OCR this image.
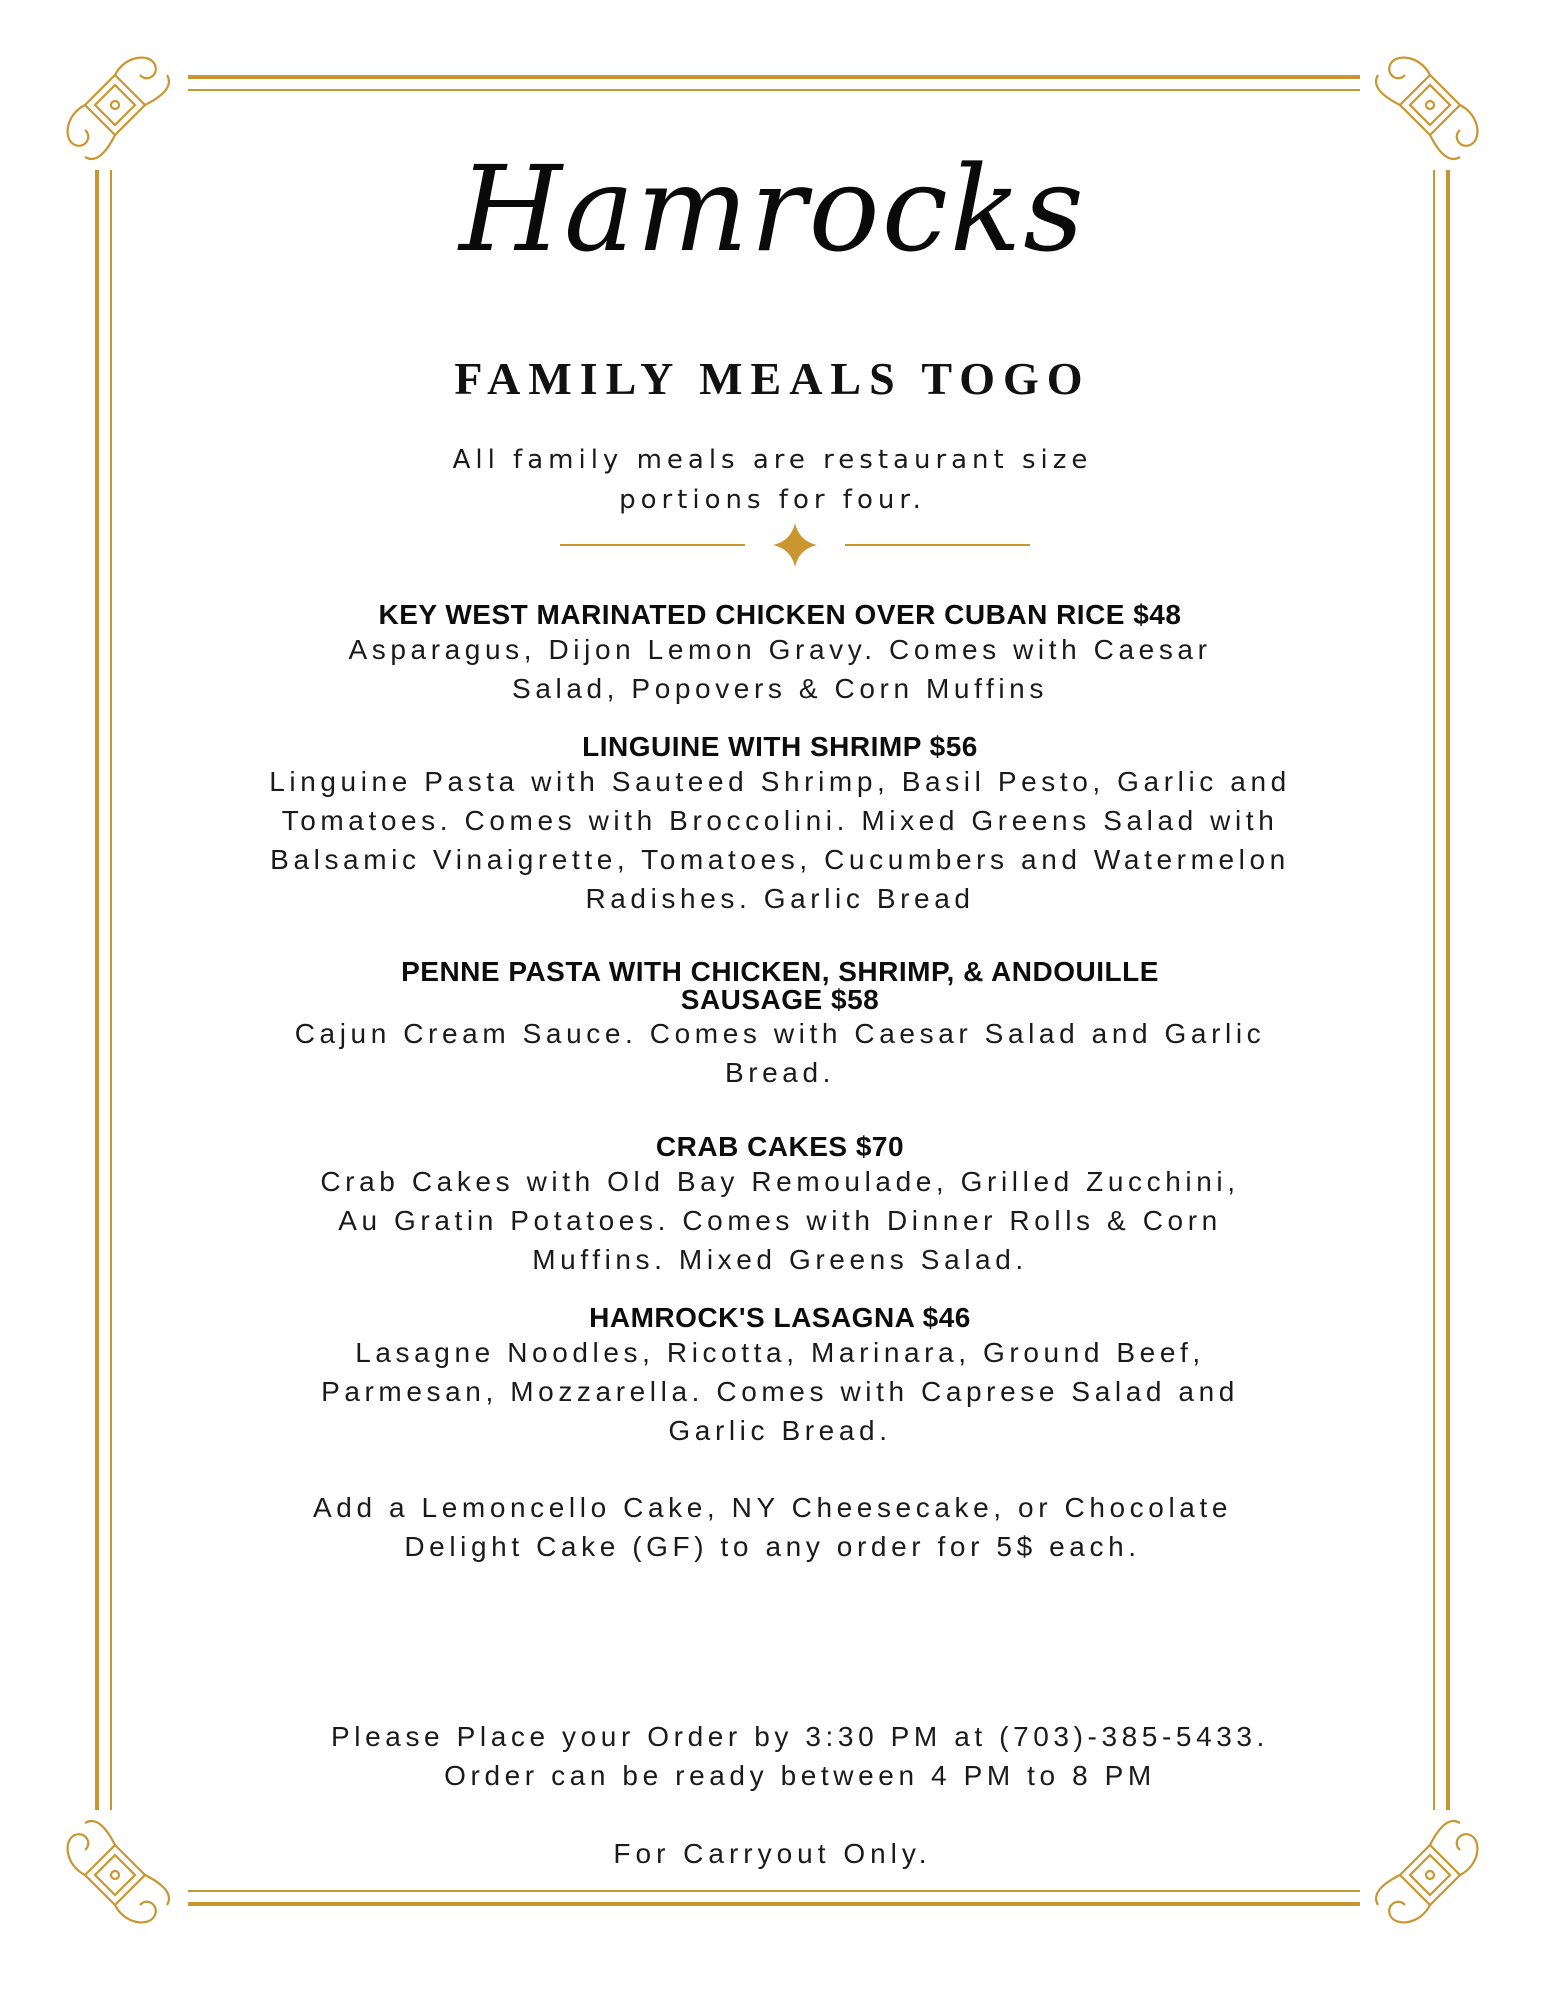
Hamrocks
FAMILY MEALS TOGO
All family meals are restaurant size portions for four.
KEY WEST MARINATED CHICKEN OVER CUBAN RICE $48
Asparagus, Dijon Lemon Gravy. Comes with Caesar Salad, Popovers & Corn Muffins
LINGUINE WITH SHRIMP $56
Linguine Pasta with Sauteed Shrimp, Basil Pesto, Garlic and Tomatoes. Comes with Broccolini. Mixed Greens Salad with Balsamic Vinaigrette, Tomatoes, Cucumbers and Watermelon Radishes. Garlic Bread
PENNE PASTA WITH CHICKEN, SHRIMP, & ANDOUILLE SAUSAGE $58
Cajun Cream Sauce. Comes with Caesar Salad and Garlic Bread.
CRAB CAKES $70
Crab Cakes with Old Bay Remoulade, Grilled Zucchini, Au Gratin Potatoes. Comes with Dinner Rolls & Corn Muffins. Mixed Greens Salad.
HAMROCK'S LASAGNA $46
Lasagne Noodles, Ricotta, Marinara, Ground Beef, Parmesan, Mozzarella. Comes with Caprese Salad and Garlic Bread.
Add a Lemoncello Cake, NY Cheesecake, or Chocolate Delight Cake (GF) to any order for 5$ each.
Please Place your Order by 3:30 PM at (703)-385-5433. Order can be ready between 4 PM to 8 PM
For Carryout Only.
